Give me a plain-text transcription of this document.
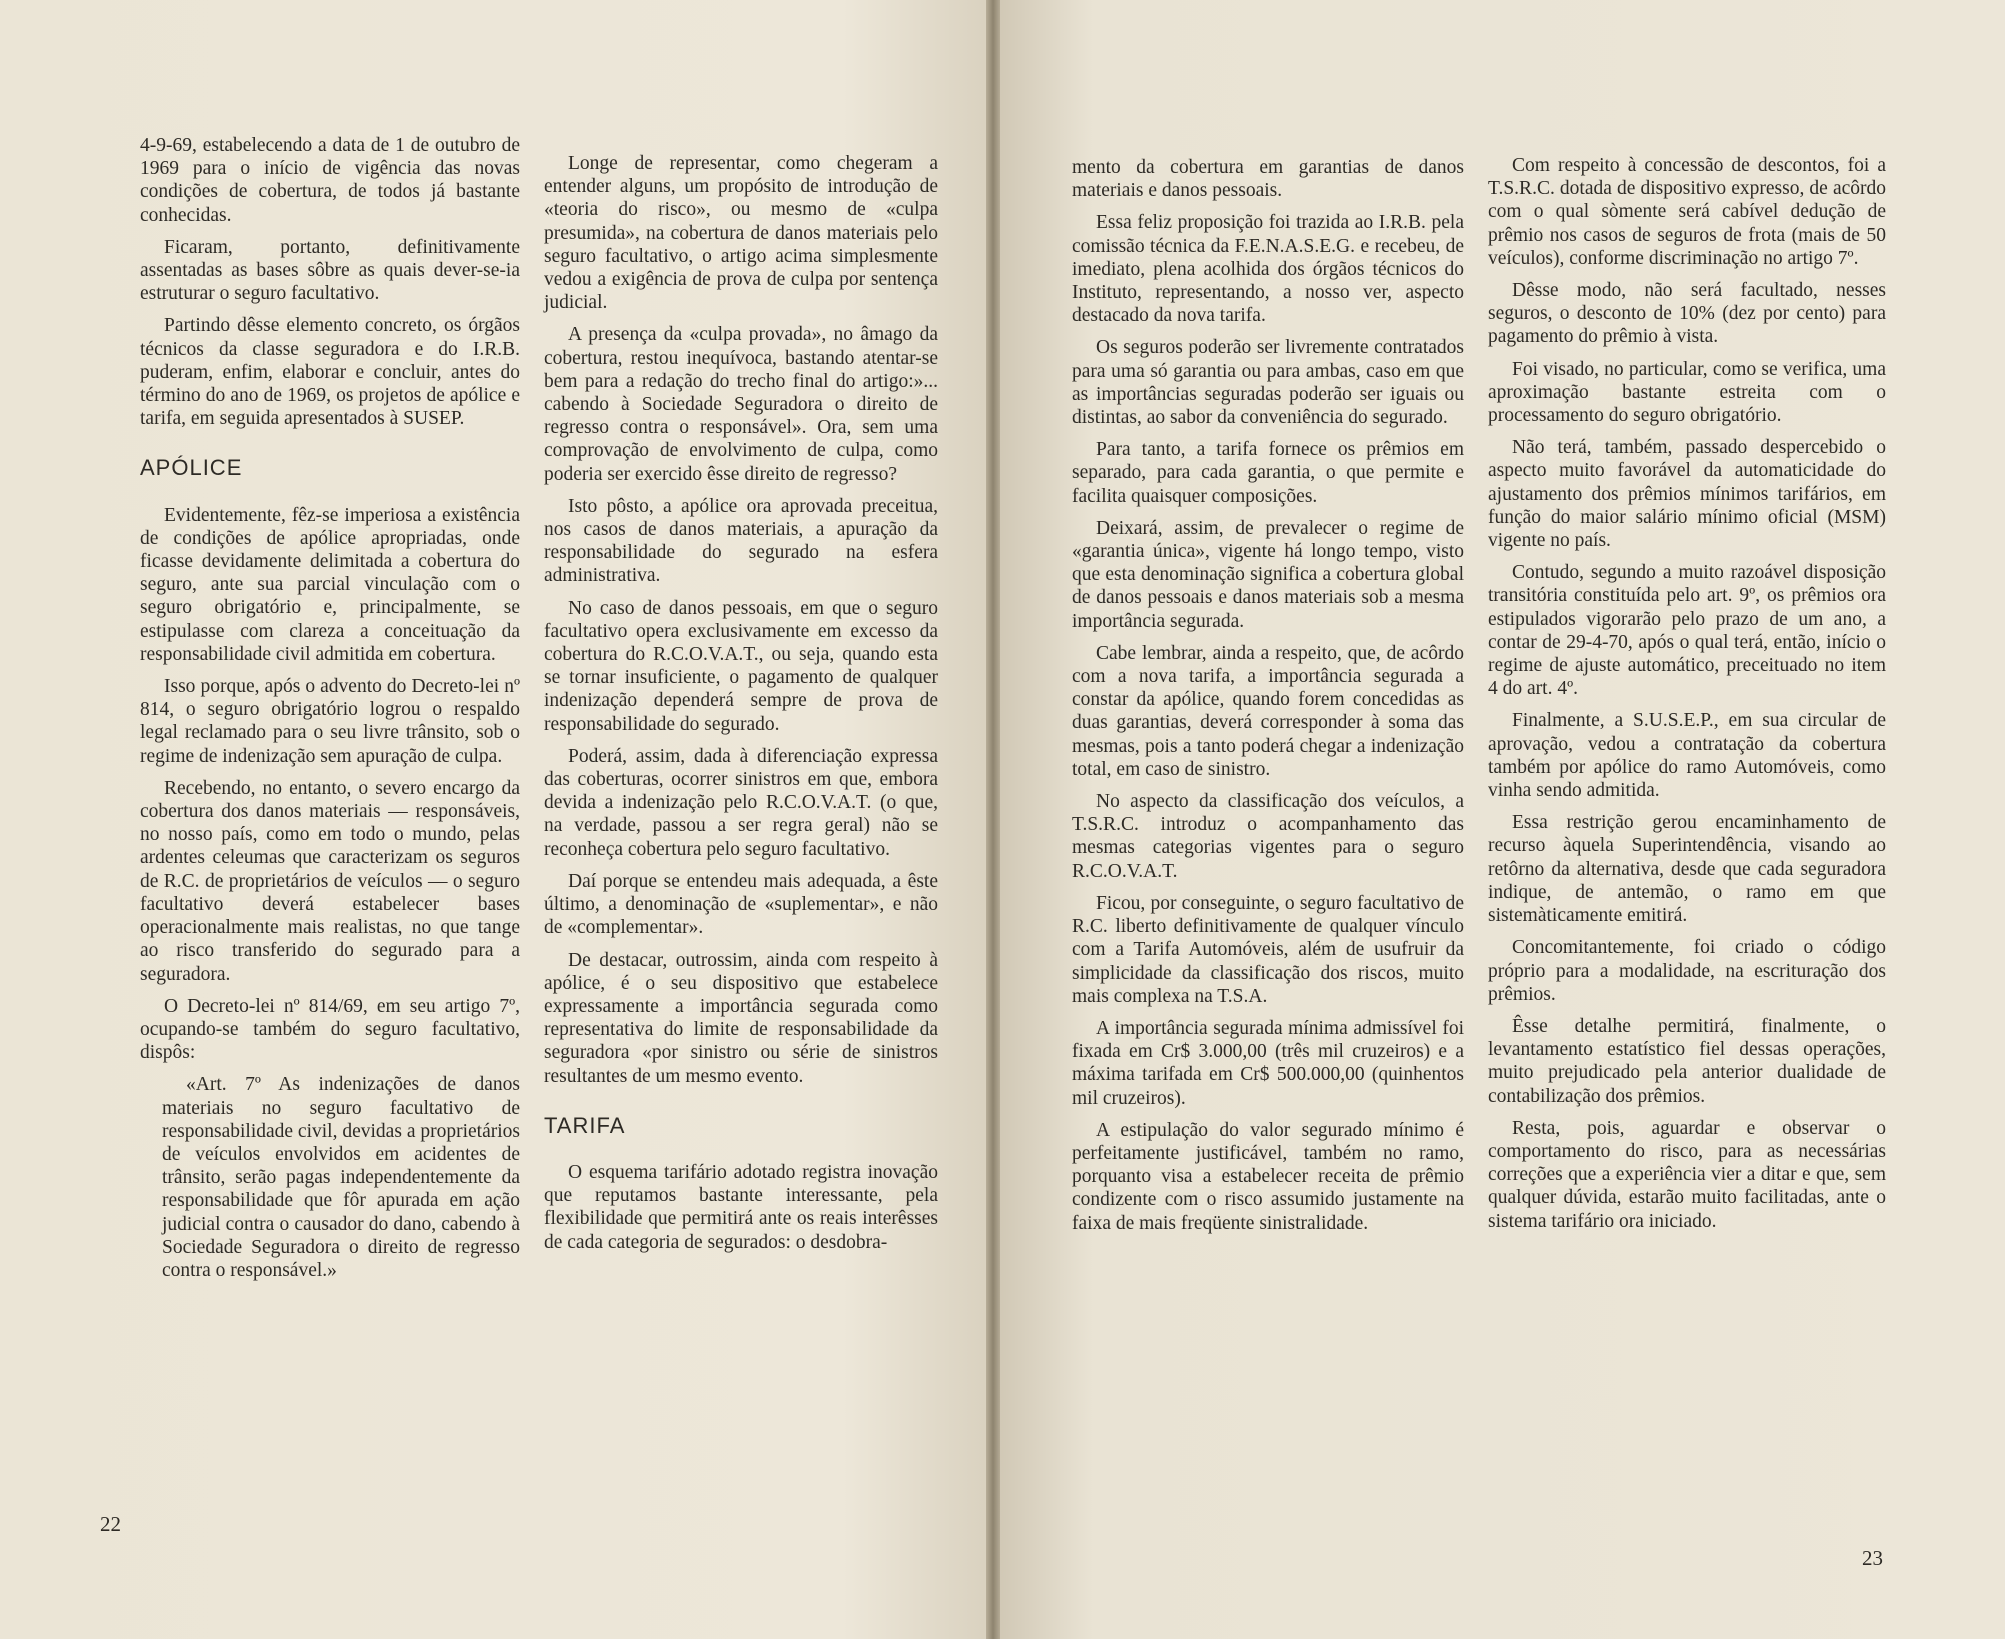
4-9-69, estabelecendo a data de 1 de outubro de 1969 para o início de vigência das novas condições de cobertura, de todos já bastante conhecidas.

Ficaram, portanto, definitivamente assentadas as bases sôbre as quais dever-se-ia estruturar o seguro facultativo.

Partindo dêsse elemento concreto, os órgãos técnicos da classe seguradora e do I.R.B. puderam, enfim, elaborar e concluir, antes do término do ano de 1969, os projetos de apólice e tarifa, em seguida apresentados à SUSEP.

APÓLICE

Evidentemente, fêz-se imperiosa a existência de condições de apólice apropriadas, onde ficasse devidamente delimitada a cobertura do seguro, ante sua parcial vinculação com o seguro obrigatório e, principalmente, se estipulasse com clareza a conceituação da responsabilidade civil admitida em cobertura.

Isso porque, após o advento do Decreto-lei nº 814, o seguro obrigatório logrou o respaldo legal reclamado para o seu livre trânsito, sob o regime de indenização sem apuração de culpa.

Recebendo, no entanto, o severo encargo da cobertura dos danos materiais — responsáveis, no nosso país, como em todo o mundo, pelas ardentes celeumas que caracterizam os seguros de R.C. de proprietários de veículos — o seguro facultativo deverá estabelecer bases operacionalmente mais realistas, no que tange ao risco transferido do segurado para a seguradora.

O Decreto-lei nº 814/69, em seu artigo 7º, ocupando-se também do seguro facultativo, dispôs:

«Art. 7º As indenizações de danos materiais no seguro facultativo de responsabilidade civil, devidas a proprietários de veículos envolvidos em acidentes de trânsito, serão pagas independentemente da responsabilidade que fôr apurada em ação judicial contra o causador do dano, cabendo à Sociedade Seguradora o direito de regresso contra o responsável.»

Longe de representar, como chegeram a entender alguns, um propósito de introdução de «teoria do risco», ou mesmo de «culpa presumida», na cobertura de danos materiais pelo seguro facultativo, o artigo acima simplesmente vedou a exigência de prova de culpa por sentença judicial.

A presença da «culpa provada», no âmago da cobertura, restou inequívoca, bastando atentar-se bem para a redação do trecho final do artigo:»... cabendo à Sociedade Seguradora o direito de regresso contra o responsável». Ora, sem uma comprovação de envolvimento de culpa, como poderia ser exercido êsse direito de regresso?

Isto pôsto, a apólice ora aprovada preceitua, nos casos de danos materiais, a apuração da responsabilidade do segurado na esfera administrativa.

No caso de danos pessoais, em que o seguro facultativo opera exclusivamente em excesso da cobertura do R.C.O.V.A.T., ou seja, quando esta se tornar insuficiente, o pagamento de qualquer indenização dependerá sempre de prova de responsabilidade do segurado.

Poderá, assim, dada à diferenciação expressa das coberturas, ocorrer sinistros em que, embora devida a indenização pelo R.C.O.V.A.T. (o que, na verdade, passou a ser regra geral) não se reconheça cobertura pelo seguro facultativo.

Daí porque se entendeu mais adequada, a êste último, a denominação de «suplementar», e não de «complementar».

De destacar, outrossim, ainda com respeito à apólice, é o seu dispositivo que estabelece expressamente a importância segurada como representativa do limite de responsabilidade da seguradora «por sinistro ou série de sinistros resultantes de um mesmo evento.

TARIFA

O esquema tarifário adotado registra inovação que reputamos bastante interessante, pela flexibilidade que permitirá ante os reais interêsses de cada categoria de segurados: o desdobra-

22

mento da cobertura em garantias de danos materiais e danos pessoais.

Essa feliz proposição foi trazida ao I.R.B. pela comissão técnica da F.E.N.A.S.E.G. e recebeu, de imediato, plena acolhida dos órgãos técnicos do Instituto, representando, a nosso ver, aspecto destacado da nova tarifa.

Os seguros poderão ser livremente contratados para uma só garantia ou para ambas, caso em que as importâncias seguradas poderão ser iguais ou distintas, ao sabor da conveniência do segurado.

Para tanto, a tarifa fornece os prêmios em separado, para cada garantia, o que permite e facilita quaisquer composições.

Deixará, assim, de prevalecer o regime de «garantia única», vigente há longo tempo, visto que esta denominação significa a cobertura global de danos pessoais e danos materiais sob a mesma importância segurada.

Cabe lembrar, ainda a respeito, que, de acôrdo com a nova tarifa, a importância segurada a constar da apólice, quando forem concedidas as duas garantias, deverá corresponder à soma das mesmas, pois a tanto poderá chegar a indenização total, em caso de sinistro.

No aspecto da classificação dos veículos, a T.S.R.C. introduz o acompanhamento das mesmas categorias vigentes para o seguro R.C.O.V.A.T.

Ficou, por conseguinte, o seguro facultativo de R.C. liberto definitivamente de qualquer vínculo com a Tarifa Automóveis, além de usufruir da simplicidade da classificação dos riscos, muito mais complexa na T.S.A.

A importância segurada mínima admissível foi fixada em Cr$ 3.000,00 (três mil cruzeiros) e a máxima tarifada em Cr$ 500.000,00 (quinhentos mil cruzeiros).

A estipulação do valor segurado mínimo é perfeitamente justificável, também no ramo, porquanto visa a estabelecer receita de prêmio condizente com o risco assumido justamente na faixa de mais freqüente sinistralidade.

Com respeito à concessão de descontos, foi a T.S.R.C. dotada de dispositivo expresso, de acôrdo com o qual sòmente será cabível dedução de prêmio nos casos de seguros de frota (mais de 50 veículos), conforme discriminação no artigo 7º.

Dêsse modo, não será facultado, nesses seguros, o desconto de 10% (dez por cento) para pagamento do prêmio à vista.

Foi visado, no particular, como se verifica, uma aproximação bastante estreita com o processamento do seguro obrigatório.

Não terá, também, passado despercebido o aspecto muito favorável da automaticidade do ajustamento dos prêmios mínimos tarifários, em função do maior salário mínimo oficial (MSM) vigente no país.

Contudo, segundo a muito razoável disposição transitória constituída pelo art. 9º, os prêmios ora estipulados vigorarão pelo prazo de um ano, a contar de 29-4-70, após o qual terá, então, início o regime de ajuste automático, preceituado no item 4 do art. 4º.

Finalmente, a S.U.S.E.P., em sua circular de aprovação, vedou a contratação da cobertura também por apólice do ramo Automóveis, como vinha sendo admitida.

Essa restrição gerou encaminhamento de recurso àquela Superintendência, visando ao retôrno da alternativa, desde que cada seguradora indique, de antemão, o ramo em que sistemàticamente emitirá.

Concomitantemente, foi criado o código próprio para a modalidade, na escrituração dos prêmios.

Êsse detalhe permitirá, finalmente, o levantamento estatístico fiel dessas operações, muito prejudicado pela anterior dualidade de contabilização dos prêmios.

Resta, pois, aguardar e observar o comportamento do risco, para as necessárias correções que a experiência vier a ditar e que, sem qualquer dúvida, estarão muito facilitadas, ante o sistema tarifário ora iniciado.

23
